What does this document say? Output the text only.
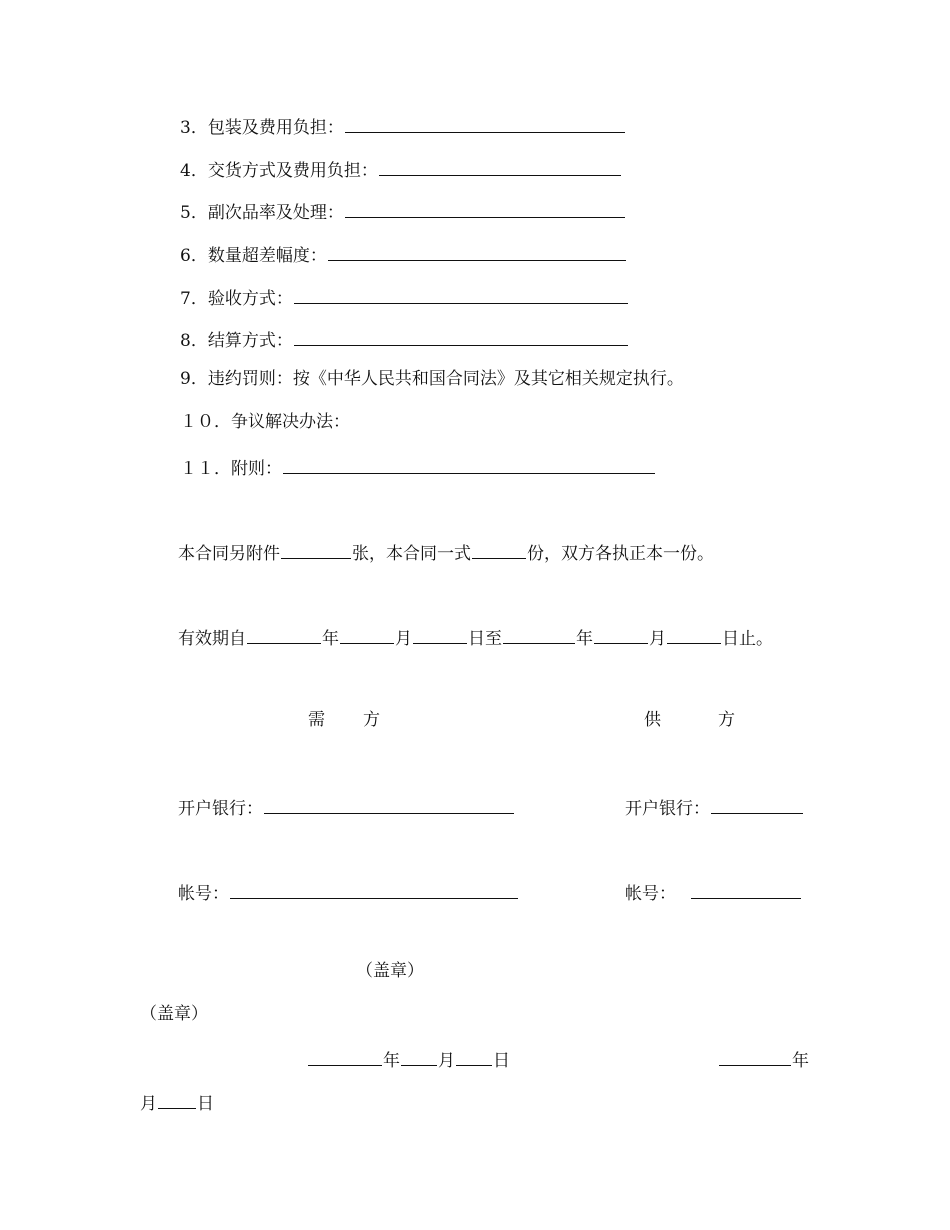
3．包装及费用负担：
4．交货方式及费用负担：
5．副次品率及处理：
6．数量超差幅度：
7．验收方式：
8．结算方式：
9．违约罚则：按《中华人民共和国合同法》及其它相关规定执行。
１０．争议解决办法：
１１．附则：
本合同另附件	张，本合同一式	份，双方各执正本一份。
有效期自	年	月	日至	年	月	日止。
需 方	供	方
开户银行：	开户银行：
帐号：	帐号：
（盖章）
（盖章）
年 月 日	年
月 日
